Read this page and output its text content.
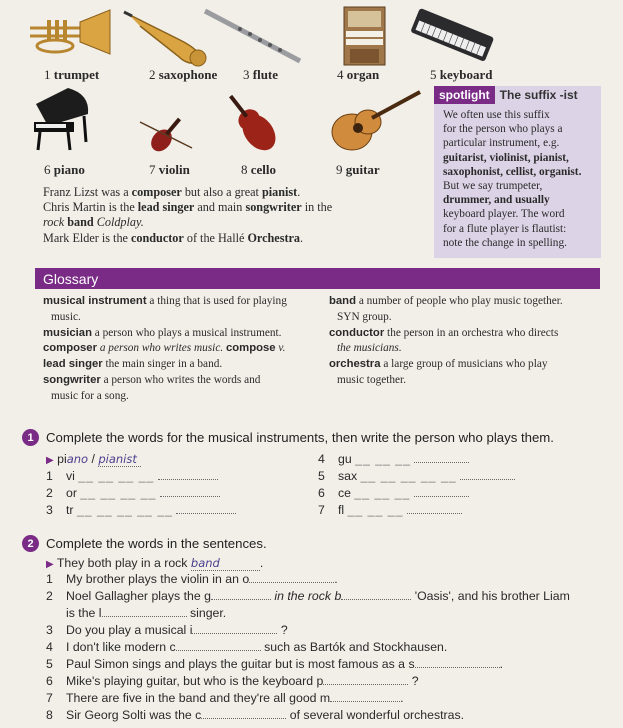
1 trumpet	2 saxophone 3 flute	4 organ	5 keyboard
6 piano	7 violin	8 cello	9 guitar
spotlight The suffix -ist
We often use this suffix
for the person who plays a
particular instrument, e.g.
guitarist, violinist, pianist,
saxophonist, cellist, organist.
But we say trumpeter,
drummer, and usually
keyboard player. The word
for a flute player is flautist:
note the change in spelling.

Franz Lizst was a composer but also a great pianist.

Chris Martin is the lead singer and main songwriter in the

rock band Coldplay.

Mark Elder is the conductor of the Hallé Orchestra.

Glossary
musical instrument a thing that is used for playing
music.
musician a person who plays a musical instrument.
composer a person who writes music. compose v.
lead singer the main singer in a band.
songwriter a person who writes the words and
music for a song.
band a number of people who play music together.
SYN group.
conductor the person in an orchestra who directs
the musicians.
orchestra a large group of musicians who play
music together.
1 Complete the words for the musical instruments, then write the person who plays them.
▶ piano / pianist
1 vi __ __ __ __
2 or __ __ __ __
3 tr __ __ __ __ __
4 gu __ __ __
5 sax __ __ __ __ __
6 ce __ __ __
7 fl __ __ __
2 Complete the words in the sentences.
▶ They both play in a rock band	.
1 My brother plays the violin in an o	.
2 Noel Gallagher plays the g	in the rock b	'Oasis', and his brother Liam
is the l	singer.
3 Do you play a musical i	?
4 I don't like modern c	such as Bartók and Stockhausen.
5 Paul Simon sings and plays the guitar but is most famous as a s	.
6 Mike's playing guitar, but who is the keyboard p	?
7 There are five in the band and they're all good m	.
8 Sir Georg Solti was the c	of several wonderful orchestras.
